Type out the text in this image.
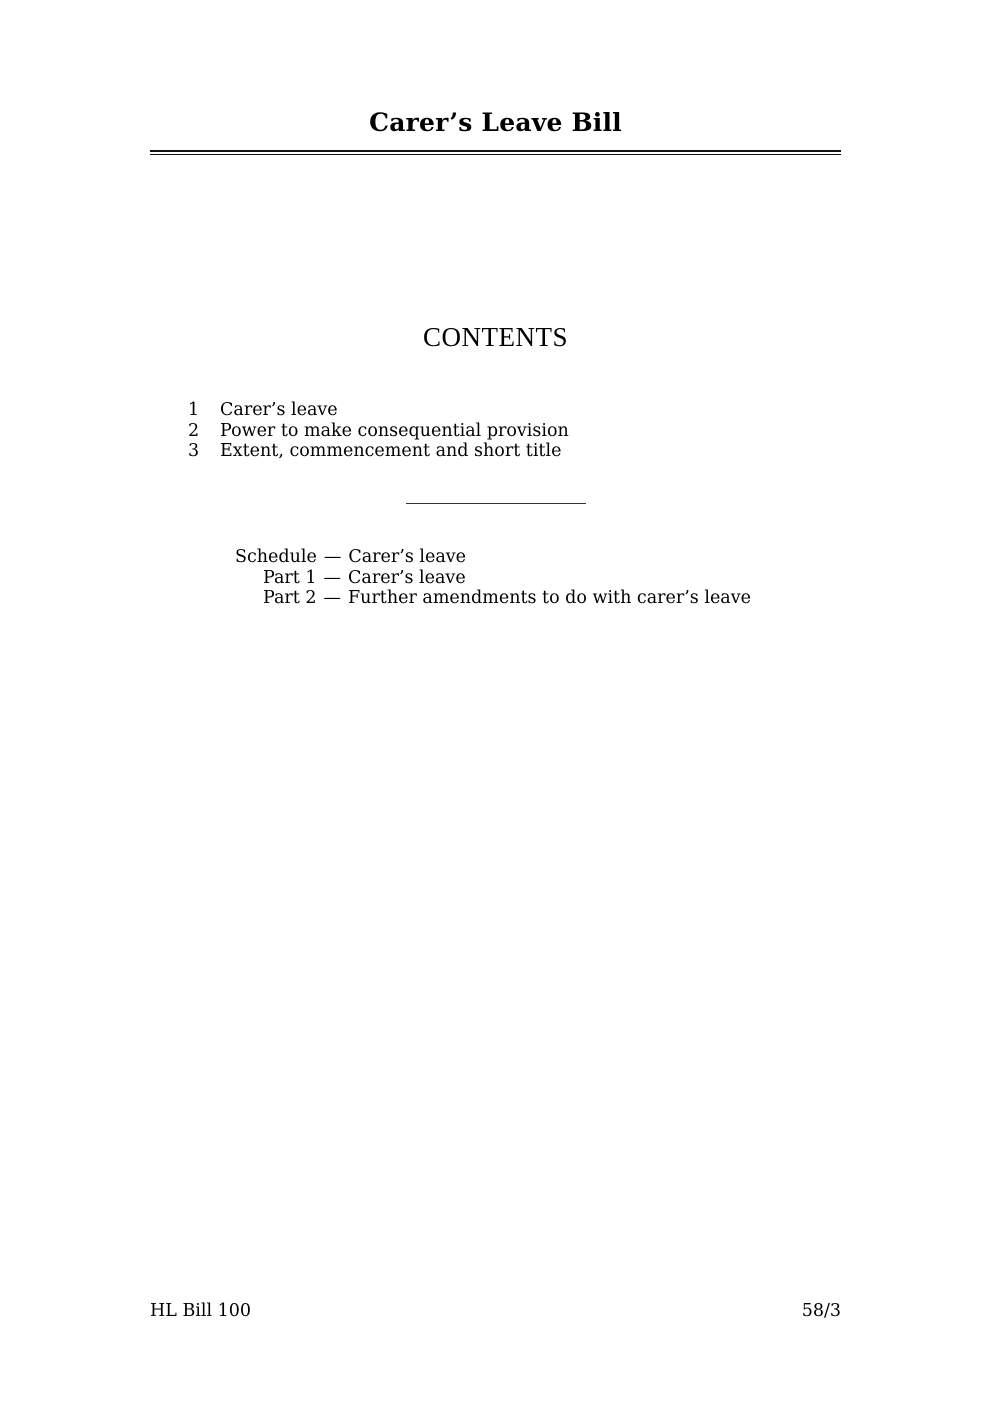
Carer’s Leave Bill
CONTENTS
1	Carer’s leave
2	Power to make consequential provision
3	Extent, commencement and short title
Schedule — Carer’s leave
Part 1 — Carer’s leave
Part 2 — Further amendments to do with carer’s leave
HL Bill 100	58/3
